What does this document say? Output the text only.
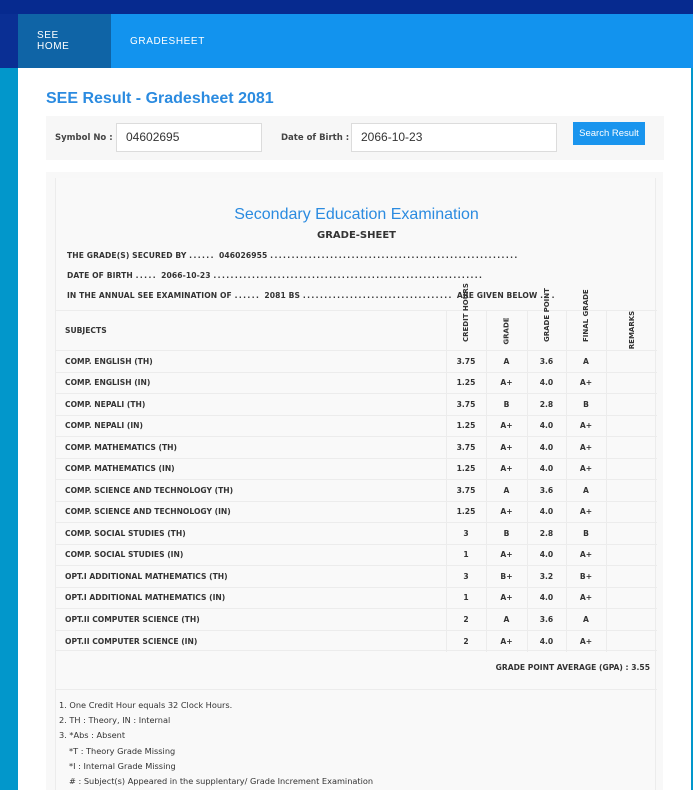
SEE HOME	GRADESHEET
SEE Result - Gradesheet 2081
Symbol No :	04602695	Date of Birth : 2066-10-23	Search Result
Secondary Education Examination
GRADE-SHEET
THE GRADE(S) SECURED BY ...... 046026955 ..........................................................
DATE OF BIRTH ..... 2066-10-23 ...............................................................
IN THE ANNUAL SEE EXAMINATION OF ...... 2081 BS ................................... ARE GIVEN BELOW . . .
SUBJECTS	CREDIT HOURS	GRADE	GRADE POINT	FINAL GRADE	REMARKS
COMP. ENGLISH (TH)	3.75	A	3.6	A	
COMP. ENGLISH (IN)	1.25	A+	4.0	A+	
COMP. NEPALI (TH)	3.75	B	2.8	B	
COMP. NEPALI (IN)	1.25	A+	4.0	A+	
COMP. MATHEMATICS (TH)	3.75	A+	4.0	A+	
COMP. MATHEMATICS (IN)	1.25	A+	4.0	A+	
COMP. SCIENCE AND TECHNOLOGY (TH)	3.75	A	3.6	A	
COMP. SCIENCE AND TECHNOLOGY (IN)	1.25	A+	4.0	A+	
COMP. SOCIAL STUDIES (TH)	3	B	2.8	B	
COMP. SOCIAL STUDIES (IN)	1	A+	4.0	A+	
OPT.I ADDITIONAL MATHEMATICS (TH)	3	B+	3.2	B+	
OPT.I ADDITIONAL MATHEMATICS (IN)	1	A+	4.0	A+	
OPT.II COMPUTER SCIENCE (TH)	2	A	3.6	A	
OPT.II COMPUTER SCIENCE (IN)	2	A+	4.0	A+	
GRADE POINT AVERAGE (GPA) : 3.55
1. One Credit Hour equals 32 Clock Hours.
2. TH : Theory, IN : Internal
3. *Abs : Absent
*T : Theory Grade Missing
*I : Internal Grade Missing
# : Subject(s) Appeared in the supplentary/ Grade Increment Examination
